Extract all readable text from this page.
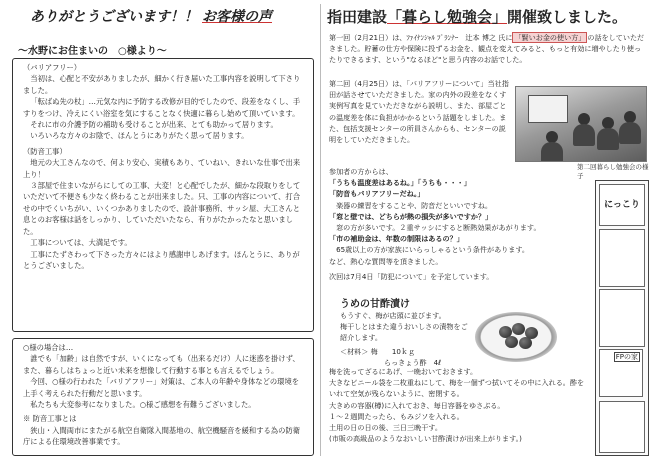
ありがとうございます！！ お客様の声
～水野にお住まいの　○様より～

（バリアフリー）

当初は、心配と不安がありましたが、細かく行き届いた工事内容を説明して下さりました。

「転ばぬ先の杖」…元気な内に予防する改修が目的でしたので、段差をなくし、手すりをつけ、冷えにくい浴室を気にすることなく快適に暮らし始めて頂いています。

それに市の介護予防の補助も受けることが出来、とても助かって居ります。

いろいろな方々のお陰で、ほんとうにありがたく思って居ります。

（防音工事）

地元の大工さんなので、何より安心、実積もあり、ていねい、きれいな仕事で出来上り！

３部屋で住まいながらにしての工事、大変！と心配でしたが、細かな段取りをしていただいて不便さも少なく終わることが出来ました。只、工事の内容について、打合せの中でくいちがい、いくつかありましたので、設計事務所、サッシ屋、大工さんと息とのお客様は話をしっかり、していただいたなら、有りがたかったなと思いました。

工事については、大満足です。

工事にたずさわって下さった方々にはより感謝申しあげます。ほんとうに、ありがとうございました。

○様の場合は…

誰でも「加齢」は自然ですが、いくになっても（出来るだけ）人に迷惑を掛けず、また、暮らしはちょっと近い未来を想像して行動する事とも言えるでしょう。

今回、○様の行われた「バリアフリー」対策は、ご本人の年齢や身体などの環境を上手く考えられた行動だと思います。

私たちも大変参考になりました。○様ご感想を有難うございました。

※ 防音工事とは

狭山・入間両市にまたがる航空自衛隊入間基地の、航空機騒音を緩和する為の防衛庁による住環境改善事業です。

指田建設「暮らし勉強会」開催致しました。

第一回（2月21日）は、ﾌｧｲﾅﾝｼｬﾙ ﾌﾟﾗﾝﾅｰ　辻本 博之 氏に 「賢いお金の使い方」 の話をしていただきました。貯蓄の仕方や保険に投ずるお金を、観点を変えてみると、もっと有効に増やしたり使ったりできるます、という"なるほど"と思う内容のお話でした。

第二回（4月25日）は、「バリアフリーについて」当社指田が話させていただきました。家の内外の段差をなくす実例写真を見ていただきながら説明し、また、部屋ごとの温度差を体に負担がかかるという話題をしました。また、包括支援センターの所員さんからも、センターの説明をしていただきました。
第二回暮らし勉強会の様子

参加者の方からは、

「うちも温度差はあるね。」「うちも・・・」

「防音もバリアフリーだね。」

楽器の練習をすることや、防音だといいですね。

「窓と壁では、どちらが熱の損失が多いですか？」

窓の方が多いです。２重サッシにすると断熱効果があがります。

「市の補助金は、年数の制限はあるの？」

65歳以上の方が家族にいらっしゃるという条件があります。

など、熱心な質問等を頂きました。

次回は7月4日「防犯について」を予定しています。

うめの甘酢漬け

もうすぐ、梅が店頭に並びます。

梅干しとはまた違うおいしさの漬物をご紹介します。

＜材料＞ 梅　　10ｋｇ

らっきょう酢　4ℓ

梅を洗ってざるにあげ、一晩おいておきます。

大きなビニール袋を二枚重ねにして、梅を一個ずつ拭いてその中に入れる。酢をいれて空気が残らないように、密閉する。

大きめの容器(樽)に入れておき、毎日容器をゆさぶる。

１～２週間たったら、もみジソを入れる。

土用の日の日の後、三日三晩干す。

(市販の高級品のようなおいしい甘酢漬けが出来上がります。)

にっこり
FPの家
